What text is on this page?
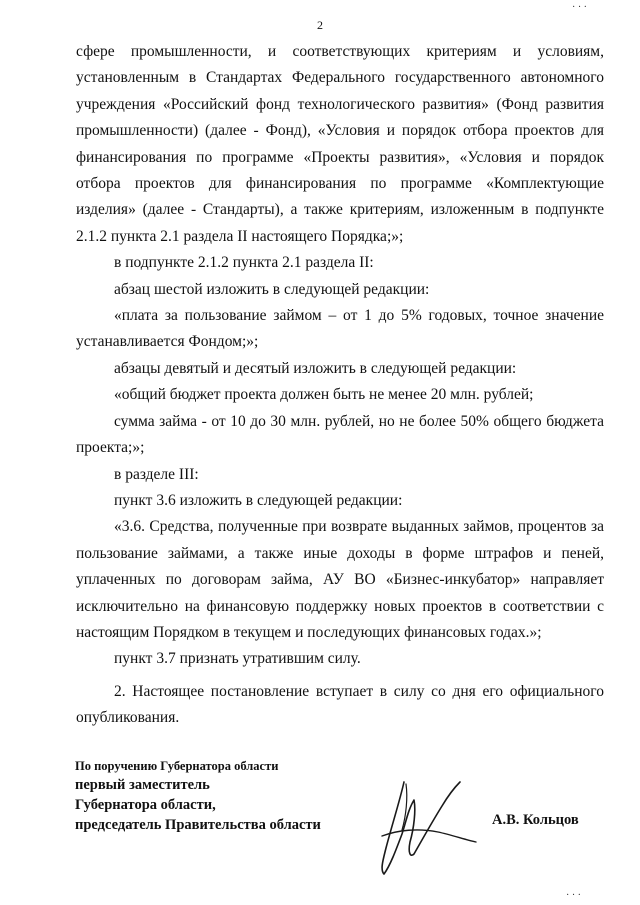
· · ·
2

сфере промышленности, и соответствующих критериям и условиям, установленным в Стандартах Федерального государственного автономного учреждения «Российский фонд технологического развития» (Фонд развития промышленности) (далее - Фонд), «Условия и порядок отбора проектов для финансирования по программе «Проекты развития», «Условия и порядок отбора проектов для финансирования по программе «Комплектующие изделия» (далее - Стандарты), а также критериям, изложенным в подпункте 2.1.2 пункта 2.1 раздела II настоящего Порядка;»;

в подпункте 2.1.2 пункта 2.1 раздела II:

абзац шестой изложить в следующей редакции:

«плата за пользование займом – от 1 до 5% годовых, точное значение устанавливается Фондом;»;

абзацы девятый и десятый изложить в следующей редакции:

«общий бюджет проекта должен быть не менее 20 млн. рублей;

сумма займа - от 10 до 30 млн. рублей, но не более 50% общего бюджета проекта;»;

в разделе III:

пункт 3.6 изложить в следующей редакции:

«3.6. Средства, полученные при возврате выданных займов, процентов за пользование займами, а также иные доходы в форме штрафов и пеней, уплаченных по договорам займа, АУ ВО «Бизнес-инкубатор» направляет исключительно на финансовую поддержку новых проектов в соответствии с настоящим Порядком в текущем и последующих финансовых годах.»;

пункт 3.7 признать утратившим силу.

2. Настоящее постановление вступает в силу со дня его официального опубликования.

По поручению Губернатора области
первый заместитель
Губернатора области,
председатель Правительства области	А.В. Кольцов
· · ·
